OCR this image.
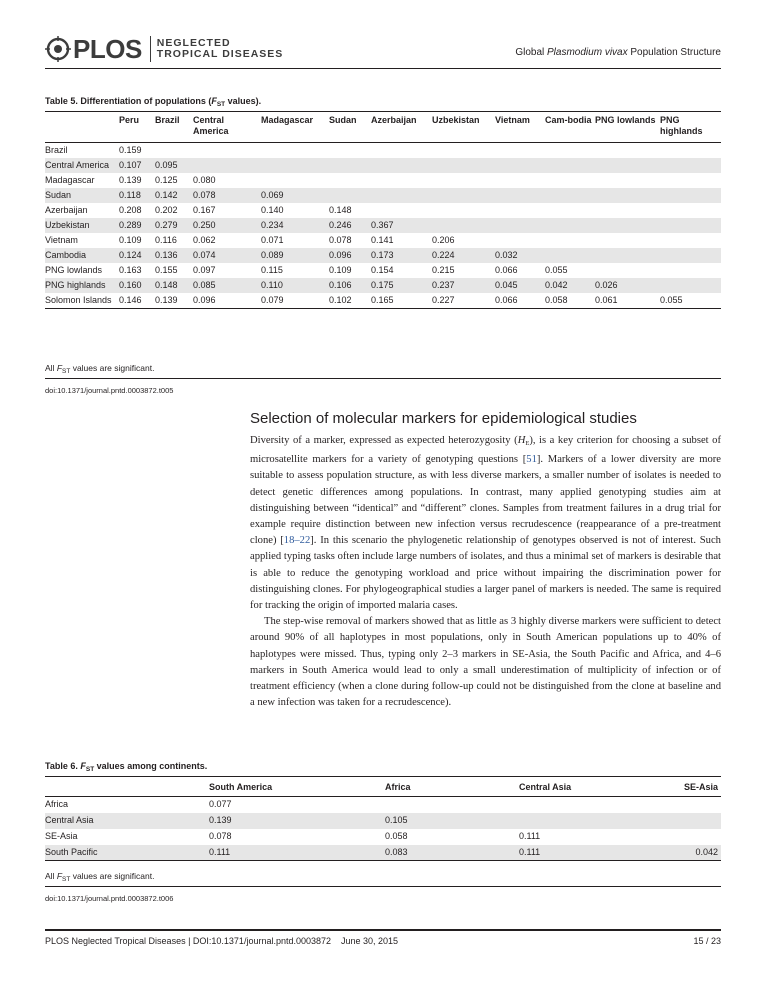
PLOS NEGLECTED
TROPICAL DISEASES	Global Plasmodium vivax Population Structure
Table 5. Differentiation of populations ($F_{ST}$ values).
	Peru	Brazil	Central America	Madagascar	Sudan	Azerbaijan	Uzbekistan	Vietnam	Cam-bodia	PNG lowlands	PNG highlands
Brazil	0.159										
Central America	0.107	0.095									
Madagascar	0.139	0.125	0.080								
Sudan	0.118	0.142	0.078	0.069							
Azerbaijan	0.208	0.202	0.167	0.140	0.148						
Uzbekistan	0.289	0.279	0.250	0.234	0.246	0.367					
Vietnam	0.109	0.116	0.062	0.071	0.078	0.141	0.206				
Cambodia	0.124	0.136	0.074	0.089	0.096	0.173	0.224	0.032			
PNG lowlands	0.163	0.155	0.097	0.115	0.109	0.154	0.215	0.066	0.055		
PNG highlands	0.160	0.148	0.085	0.110	0.106	0.175	0.237	0.045	0.042	0.026	
Solomon Islands	0.146	0.139	0.096	0.079	0.102	0.165	0.227	0.066	0.058	0.061	0.055
All $F_{ST}$ values are significant.
doi:10.1371/journal.pntd.0003872.t005
Selection of molecular markers for epidemiological studies

Diversity of a marker, expressed as expected heterozygosity $(H_E)$, is a key criterion for choosing a subset of microsatellite markers for a variety of genotyping questions [51]. Markers of a lower diversity are more suitable to assess population structure, as with less diverse markers, a smaller number of isolates is needed to detect genetic differences among populations. In contrast, many applied genotyping studies aim at distinguishing between “identical” and “different” clones. Samples from treatment failures in a drug trial for example require distinction between new infection versus recrudescence (reappearance of a pre-treatment clone) [18–22]. In this scenario the phylogenetic relationship of genotypes observed is not of interest. Such applied typing tasks often include large numbers of isolates, and thus a minimal set of markers is desirable that is able to reduce the genotyping workload and price without impairing the discrimination power for distinguishing clones. For phylogeographical studies a larger panel of markers is needed. The same is required for tracking the origin of imported malaria cases.

The step-wise removal of markers showed that as little as 3 highly diverse markers were sufficient to detect around 90% of all haplotypes in most populations, only in South American populations up to 40% of haplotypes were missed. Thus, typing only 2–3 markers in SE-Asia, the South Pacific and Africa, and 4–6 markers in South America would lead to only a small underestimation of multiplicity of infection or of treatment efficiency (when a clone during follow-up could not be distinguished from the clone at baseline and a new infection was taken for a recrudescence).

Table 6. $F_{ST}$ values among continents.
	South America	Africa	Central Asia	SE-Asia
Africa	0.077			
Central Asia	0.139	0.105		
SE-Asia	0.078	0.058	0.111	
South Pacific	0.111	0.083	0.111	0.042
All $F_{ST}$ values are significant.
doi:10.1371/journal.pntd.0003872.t006
PLOS Neglected Tropical Diseases | DOI:10.1371/journal.pntd.0003872    June 30, 2015	15 / 23
